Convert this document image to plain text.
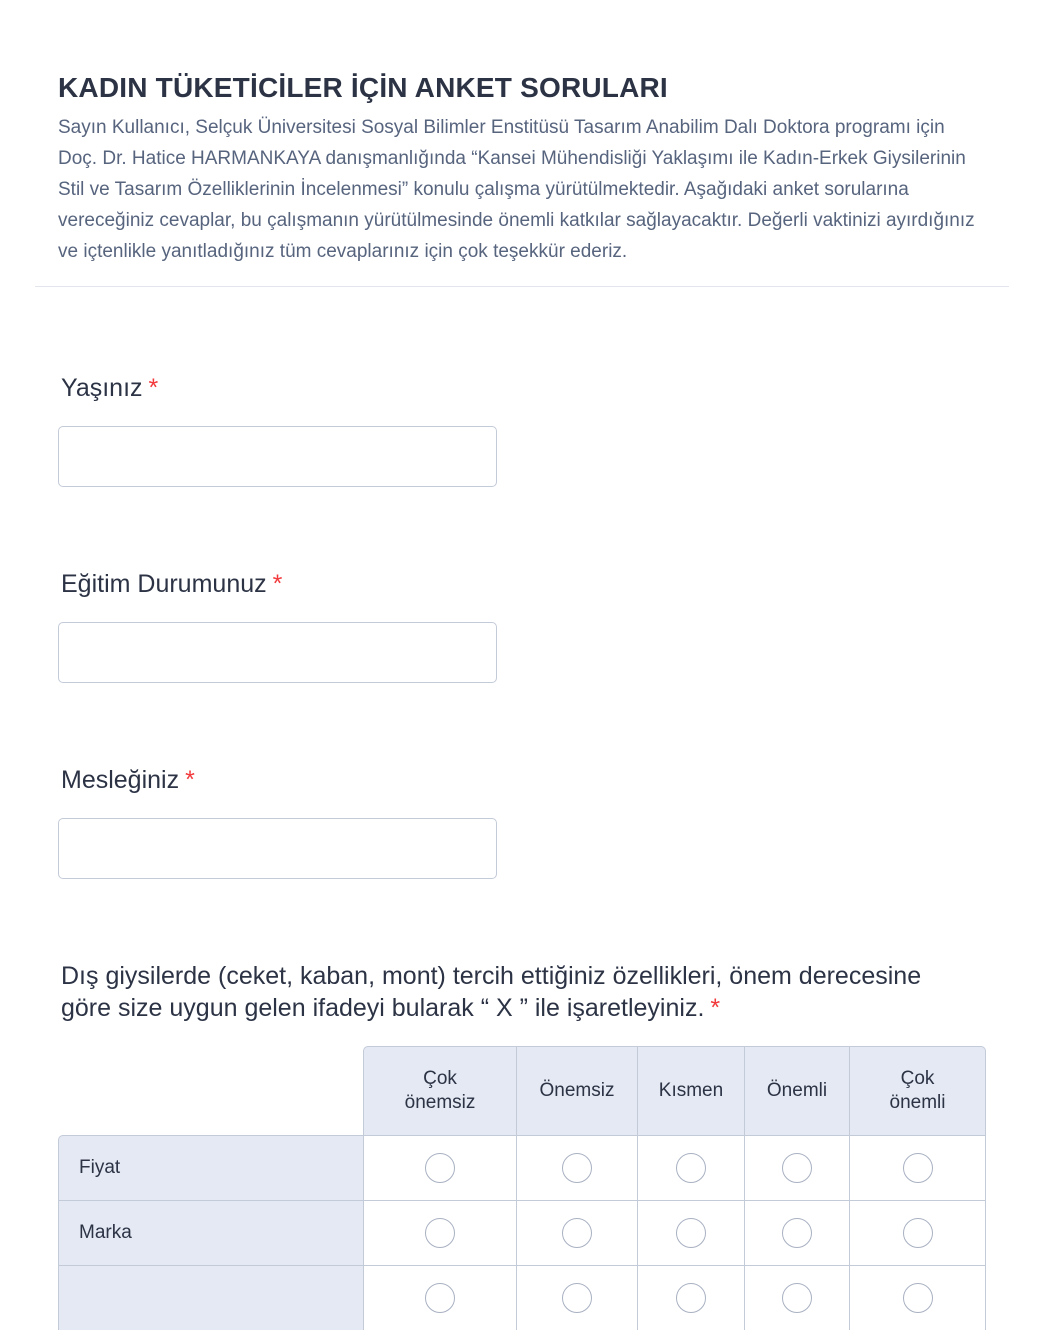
KADIN TÜKETİCİLER İÇİN ANKET SORULARI
Sayın Kullanıcı, Selçuk Üniversitesi Sosyal Bilimler Enstitüsü Tasarım Anabilim Dalı Doktora programı için Doç. Dr. Hatice HARMANKAYA danışmanlığında “Kansei Mühendisliği Yaklaşımı ile Kadın-Erkek Giysilerinin Stil ve Tasarım Özelliklerinin İncelenmesi” konulu çalışma yürütülmektedir. Aşağıdaki anket sorularına vereceğiniz cevaplar, bu çalışmanın yürütülmesinde önemli katkılar sağlayacaktır. Değerli vaktinizi ayırdığınız ve içtenlikle yanıtladığınız tüm cevaplarınız için çok teşekkür ederiz.
Yaşınız *
Eğitim Durumunuz *
Mesleğiniz *
Dış giysilerde (ceket, kaban, mont) tercih ettiğiniz özellikleri, önem derecesine göre size uygun gelen ifadeyi bularak “ X ” ile işaretleyiniz. *
	Çok önemsiz	Önemsiz	Kısmen	Önemli	Çok önemli
Fiyat					
Marka					
